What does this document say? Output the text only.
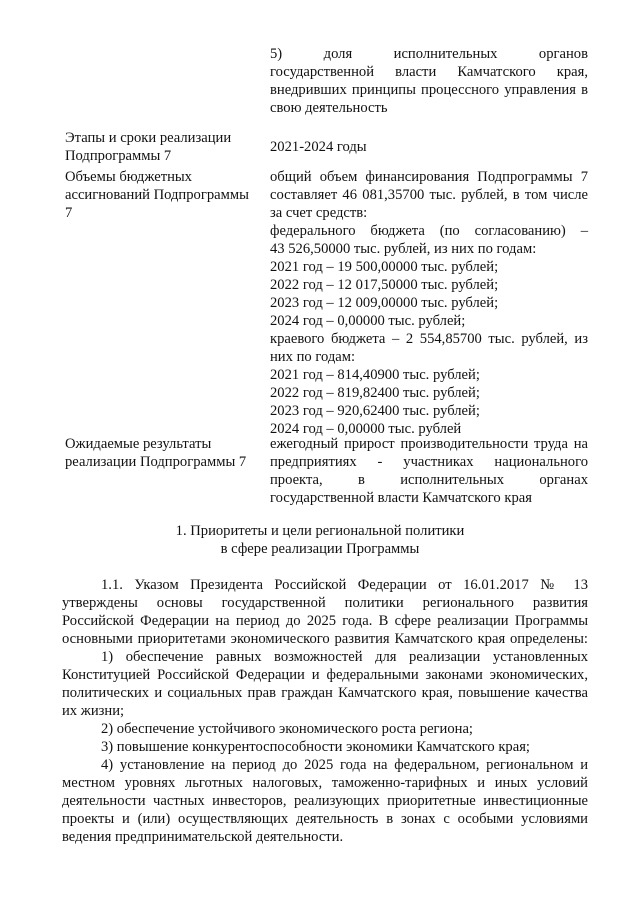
5) доля исполнительных органов
государственной власти Камчатского края,
внедривших принципы процессного управления в
свою деятельность
Этапы и сроки реализации
Подпрограммы 7
2021-2024 годы
Объемы бюджетных
ассигнований Подпрограммы
7
общий объем финансирования Подпрограммы 7
составляет 46 081,35700 тыс. рублей, в том числе
за счет средств:
федерального бюджета (по согласованию) –
43 526,50000 тыс. рублей, из них по годам:
2021 год – 19 500,00000 тыс. рублей;
2022 год – 12 017,50000 тыс. рублей;
2023 год – 12 009,00000 тыс. рублей;
2024 год – 0,00000 тыс. рублей;
краевого бюджета – 2 554,85700 тыс. рублей, из
них по годам:
2021 год – 814,40900 тыс. рублей;
2022 год – 819,82400 тыс. рублей;
2023 год – 920,62400 тыс. рублей;
2024 год – 0,00000 тыс. рублей
Ожидаемые результаты
реализации Подпрограммы 7
ежегодный прирост производительности труда на
предприятиях - участниках национального
проекта, в исполнительных органах
государственной власти Камчатского края
1. Приоритеты и цели региональной политики
в сфере реализации Программы
1.1. Указом Президента Российской Федерации от 16.01.2017 № 13
утверждены основы государственной политики регионального развития
Российской Федерации на период до 2025 года. В сфере реализации Программы
основными приоритетами экономического развития Камчатского края определены:
1) обеспечение равных возможностей для реализации установленных
Конституцией Российской Федерации и федеральными законами экономических,
политических и социальных прав граждан Камчатского края, повышение качества
их жизни;
2) обеспечение устойчивого экономического роста региона;
3) повышение конкурентоспособности экономики Камчатского края;
4) установление на период до 2025 года на федеральном, региональном и
местном уровнях льготных налоговых, таможенно-тарифных и иных условий
деятельности частных инвесторов, реализующих приоритетные инвестиционные
проекты и (или) осуществляющих деятельность в зонах с особыми условиями
ведения предпринимательской деятельности.
